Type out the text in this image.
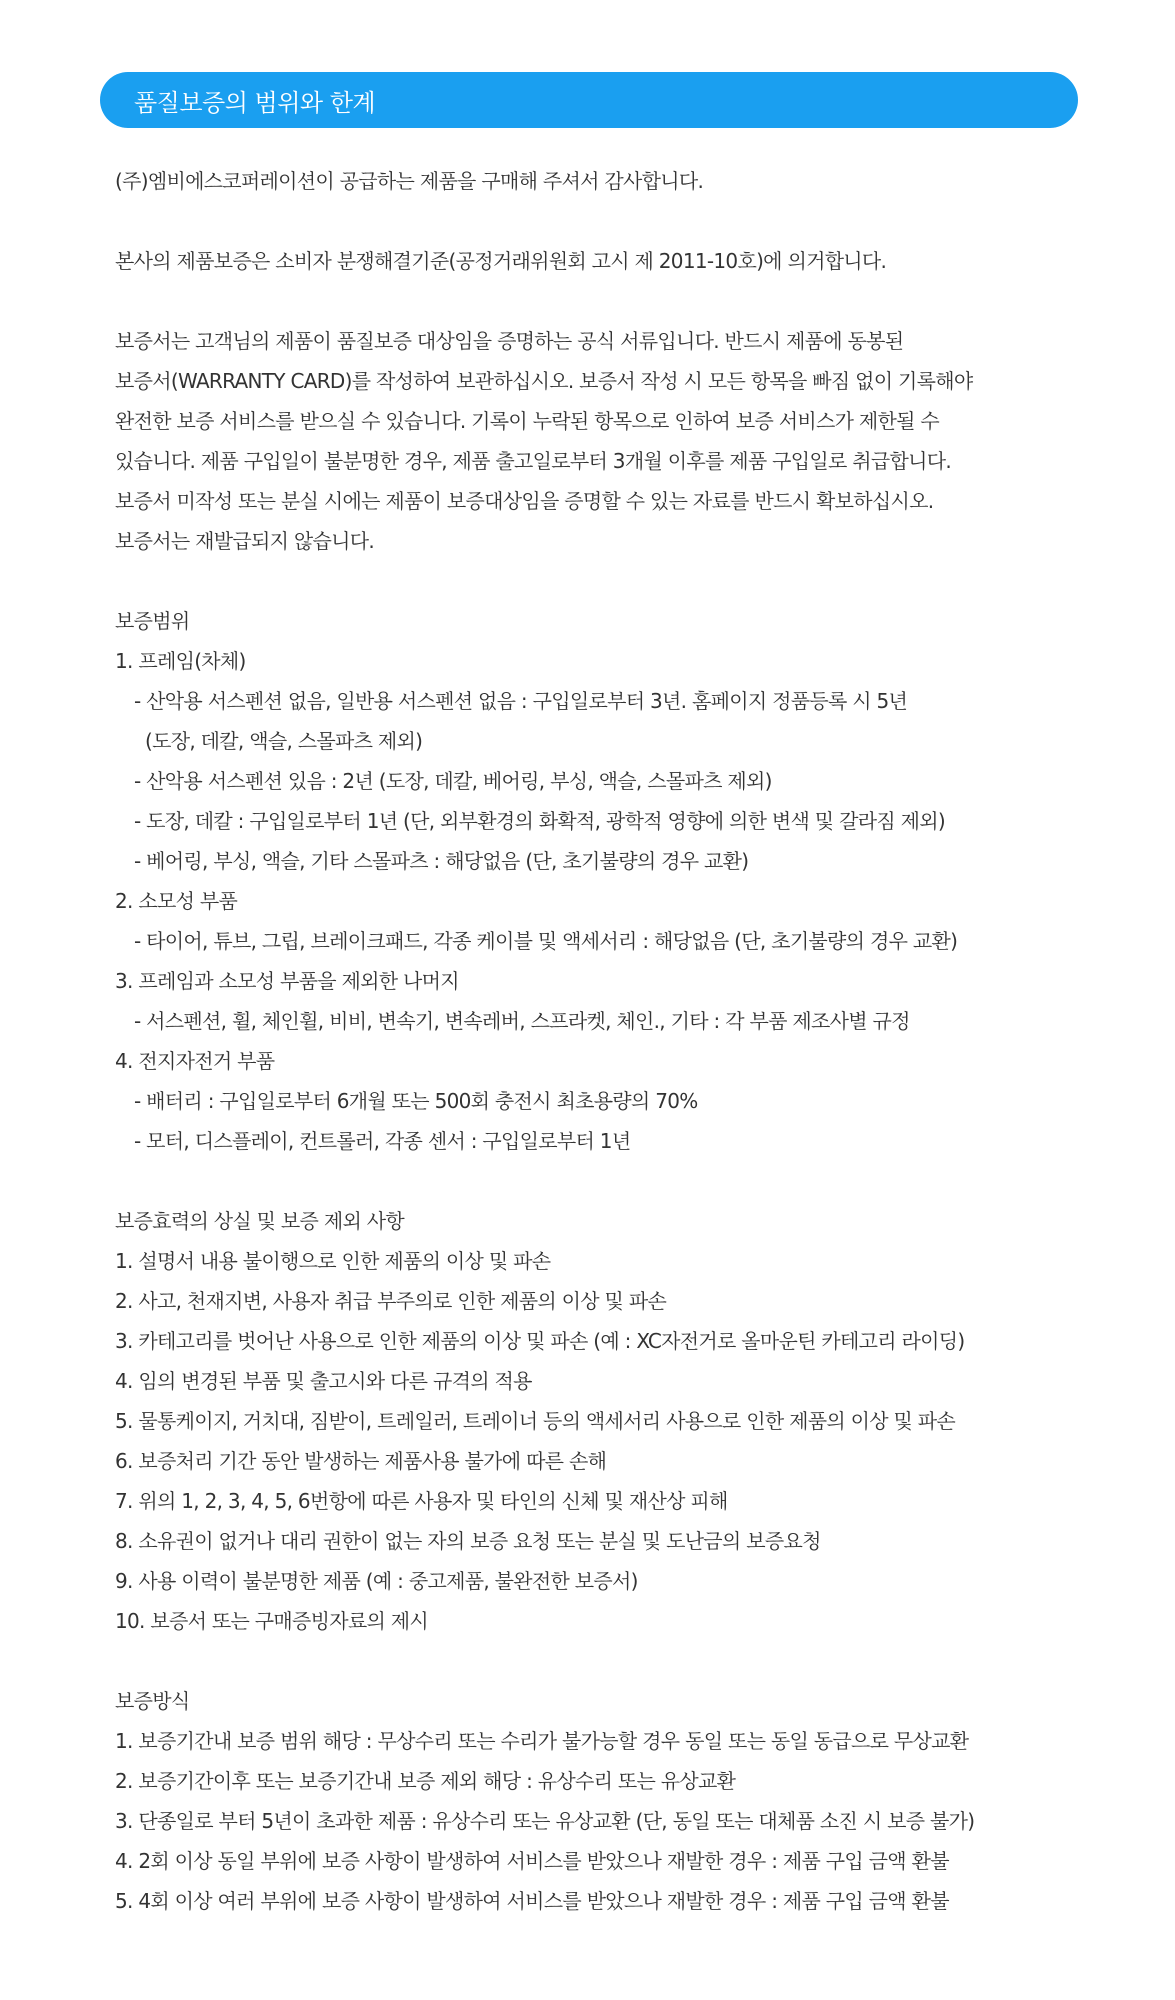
품질보증의 범위와 한계
(주)엠비에스코퍼레이션이 공급하는 제품을 구매해 주셔서 감사합니다.
본사의 제품보증은 소비자 분쟁해결기준(공정거래위원회 고시 제 2011-10호)에 의거합니다.
보증서는 고객님의 제품이 품질보증 대상임을 증명하는 공식 서류입니다. 반드시 제품에 동봉된
보증서(WARRANTY CARD)를 작성하여 보관하십시오. 보증서 작성 시 모든 항목을 빠짐 없이 기록해야
완전한 보증 서비스를 받으실 수 있습니다. 기록이 누락된 항목으로 인하여 보증 서비스가 제한될 수
있습니다. 제품 구입일이 불분명한 경우, 제품 출고일로부터 3개월 이후를 제품 구입일로 취급합니다.
보증서 미작성 또는 분실 시에는 제품이 보증대상임을 증명할 수 있는 자료를 반드시 확보하십시오.
보증서는 재발급되지 않습니다.
보증범위
1. 프레임(차체)
- 산악용 서스펜션 없음, 일반용 서스펜션 없음 : 구입일로부터 3년. 홈페이지 정품등록 시 5년
(도장, 데칼, 액슬, 스몰파츠 제외)
- 산악용 서스펜션 있음 : 2년 (도장, 데칼, 베어링, 부싱, 액슬, 스몰파츠 제외)
- 도장, 데칼 : 구입일로부터 1년 (단, 외부환경의 화확적, 광학적 영향에 의한 변색 및 갈라짐 제외)
- 베어링, 부싱, 액슬, 기타 스몰파츠 : 해당없음 (단, 초기불량의 경우 교환)
2. 소모성 부품
- 타이어, 튜브, 그립, 브레이크패드, 각종 케이블 및 액세서리 : 해당없음 (단, 초기불량의 경우 교환)
3. 프레임과 소모성 부품을 제외한 나머지
- 서스펜션, 휠, 체인휠, 비비, 변속기, 변속레버, 스프라켓, 체인., 기타 : 각 부품 제조사별 규정
4. 전지자전거 부품
- 배터리 : 구입일로부터 6개월 또는 500회 충전시 최초용량의 70%
- 모터, 디스플레이, 컨트롤러, 각종 센서 : 구입일로부터 1년
보증효력의 상실 및 보증 제외 사항
1. 설명서 내용 불이행으로 인한 제품의 이상 및 파손
2. 사고, 천재지변, 사용자 취급 부주의로 인한 제품의 이상 및 파손
3. 카테고리를 벗어난 사용으로 인한 제품의 이상 및 파손 (예 : XC자전거로 올마운틴 카테고리 라이딩)
4. 임의 변경된 부품 및 출고시와 다른 규격의 적용
5. 물통케이지, 거치대, 짐받이, 트레일러, 트레이너 등의 액세서리 사용으로 인한 제품의 이상 및 파손
6. 보증처리 기간 동안 발생하는 제품사용 불가에 따른 손해
7. 위의 1, 2, 3, 4, 5, 6번항에 따른 사용자 및 타인의 신체 및 재산상 피해
8. 소유권이 없거나 대리 권한이 없는 자의 보증 요청 또는 분실 및 도난금의 보증요청
9. 사용 이력이 불분명한 제품 (예 : 중고제품, 불완전한 보증서)
10. 보증서 또는 구매증빙자료의 제시
보증방식
1. 보증기간내 보증 범위 해당 : 무상수리 또는 수리가 불가능할 경우 동일 또는 동일 동급으로 무상교환
2. 보증기간이후 또는 보증기간내 보증 제외 해당 : 유상수리 또는 유상교환
3. 단종일로 부터 5년이 초과한 제품 : 유상수리 또는 유상교환 (단, 동일 또는 대체품 소진 시 보증 불가)
4. 2회 이상 동일 부위에 보증 사항이 발생하여 서비스를 받았으나 재발한 경우 : 제품 구입 금액 환불
5. 4회 이상 여러 부위에 보증 사항이 발생하여 서비스를 받았으나 재발한 경우 : 제품 구입 금액 환불
